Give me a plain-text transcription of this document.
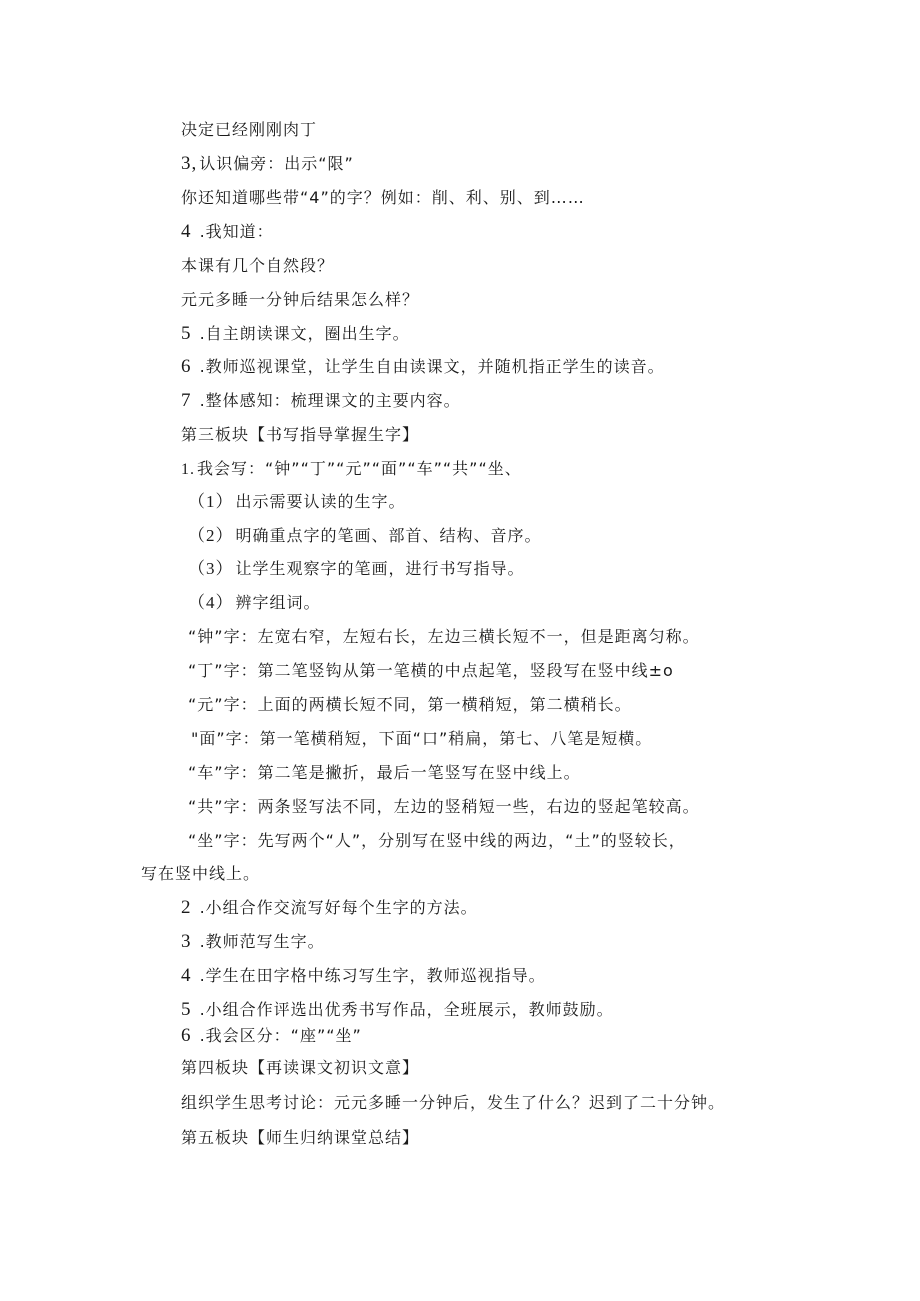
决定已经刚刚肉丁
3, 认识偏旁：出示“限”
你还知道哪些带“4”的字？例如：削、利、别、到……
4 .我知道：
本课有几个自然段？
元元多睡一分钟后结果怎么样？
5 .自主朗读课文，圈出生字。
6 .教师巡视课堂，让学生自由读课文，并随机指正学生的读音。
7 .整体感知：梳理课文的主要内容。
第三板块【书写指导掌握生字】
1. 我会写：“钟”“丁”“元”“面”“车”“共”“坐、
（1） 出示需要认读的生字。
（2） 明确重点字的笔画、部首、结构、音序。
（3） 让学生观察字的笔画，进行书写指导。
（4） 辨字组词。
“钟”字：左宽右窄，左短右长，左边三横长短不一，但是距离匀称。
“丁”字：第二笔竖钩从第一笔横的中点起笔，竖段写在竖中线±o
“元”字：上面的两横长短不同，第一横稍短，第二横稍长。
"面”字：第一笔横稍短，下面“口”稍扁，第七、八笔是短横。
“车”字：第二笔是撇折，最后一笔竖写在竖中线上。
“共”字：两条竖写法不同，左边的竖稍短一些，右边的竖起笔较高。
“坐”字：先写两个“人”，分别写在竖中线的两边，“土”的竖较长，
写在竖中线上。
2 .小组合作交流写好每个生字的方法。
3 .教师范写生字。
4 .学生在田字格中练习写生字，教师巡视指导。
5 .小组合作评选出优秀书写作品，全班展示，教师鼓励。
6 .我会区分：“座”“坐”
第四板块【再读课文初识文意】
组织学生思考讨论：元元多睡一分钟后，发生了什么？迟到了二十分钟。
第五板块【师生归纳课堂总结】
